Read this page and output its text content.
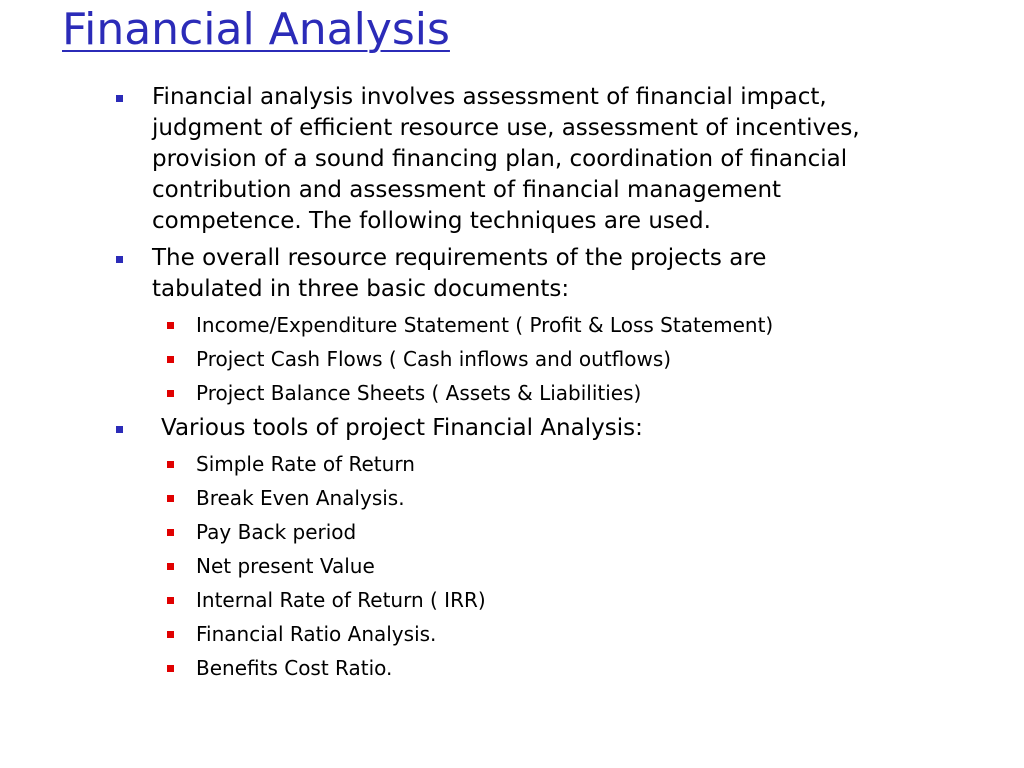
Financial Analysis
Financial analysis involves assessment of financial impact,
judgment of efficient resource use, assessment of incentives,
provision of a sound financing plan, coordination of financial
contribution and assessment of financial management
competence. The following techniques are used.
The overall resource requirements of the projects are
tabulated in three basic documents:
Income/Expenditure Statement ( Profit & Loss Statement)
Project Cash Flows ( Cash inflows and outflows)
Project Balance Sheets ( Assets & Liabilities)
Various tools of project Financial Analysis:
Simple Rate of Return
Break Even Analysis.
Pay Back period
Net present Value
Internal Rate of Return ( IRR)
Financial Ratio Analysis.
Benefits Cost Ratio.
